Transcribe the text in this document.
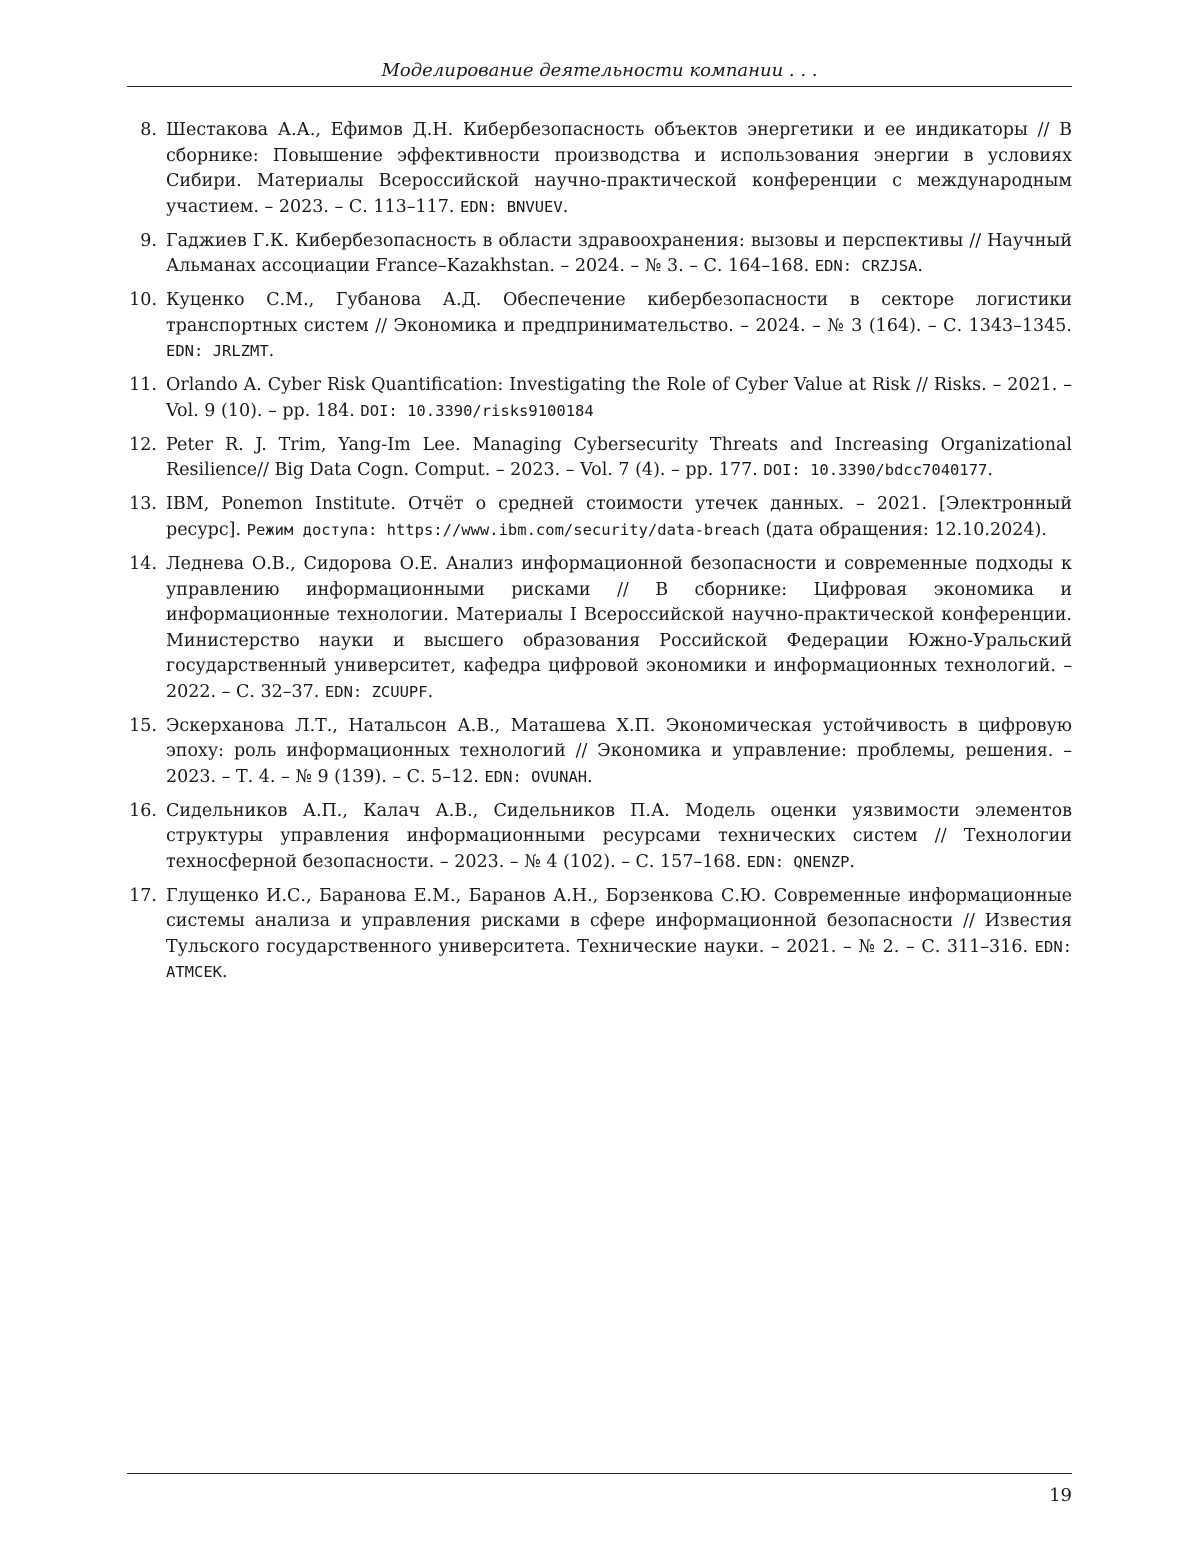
Моделирование деятельности компании . . .
8. Шестакова А.А., Ефимов Д.Н. Кибербезопасность объектов энергетики и ее индикаторы // В сборнике: Повышение эффективности производства и использования энергии в условиях Сибири. Материалы Всероссийской научно-практической конференции с международным участием. – 2023. – С. 113–117. EDN: BNVUEV.
9. Гаджиев Г.К. Кибербезопасность в области здравоохранения: вызовы и перспективы // Научный Альманах ассоциации France–Kazakhstan. – 2024. – № 3. – С. 164–168. EDN: CRZJSA.
10. Куценко С.М., Губанова А.Д. Обеспечение кибербезопасности в секторе логистики транспортных систем // Экономика и предпринимательство. – 2024. – № 3 (164). – С. 1343–1345. EDN: JRLZMT.
11. Orlando A. Cyber Risk Quantification: Investigating the Role of Cyber Value at Risk // Risks. – 2021. – Vol. 9 (10). – pp. 184. DOI: 10.3390/risks9100184
12. Peter R. J. Trim, Yang-Im Lee. Managing Cybersecurity Threats and Increasing Organizational Resilience// Big Data Cogn. Comput. – 2023. – Vol. 7 (4). – pp. 177. DOI: 10.3390/bdcc7040177.
13. IBM, Ponemon Institute. Отчёт о средней стоимости утечек данных. – 2021. [Электронный ресурс]. Режим доступа: https://www.ibm.com/security/data-breach (дата обращения: 12.10.2024).
14. Леднева О.В., Сидорова О.Е. Анализ информационной безопасности и современные подходы к управлению информационными рисками // В сборнике: Цифровая экономика и информационные технологии. Материалы I Всероссийской научно-практической конференции. Министерство науки и высшего образования Российской Федерации Южно-Уральский государственный университет, кафедра цифровой экономики и информационных технологий. – 2022. – С. 32–37. EDN: ZCUUPF.
15. Эскерханова Л.Т., Натальсон А.В., Маташева Х.П. Экономическая устойчивость в цифровую эпоху: роль информационных технологий // Экономика и управление: проблемы, решения. – 2023. – Т. 4. – № 9 (139). – С. 5–12. EDN: OVUNAH.
16. Сидельников А.П., Калач А.В., Сидельников П.А. Модель оценки уязвимости элементов структуры управления информационными ресурсами технических систем // Технологии техносферной безопасности. – 2023. – № 4 (102). – С. 157–168. EDN: QNENZP.
17. Глущенко И.С., Баранова Е.М., Баранов А.Н., Борзенкова С.Ю. Современные информационные системы анализа и управления рисками в сфере информационной безопасности // Известия Тульского государственного университета. Технические науки. – 2021. – № 2. – С. 311–316. EDN: ATMCEK.
19
